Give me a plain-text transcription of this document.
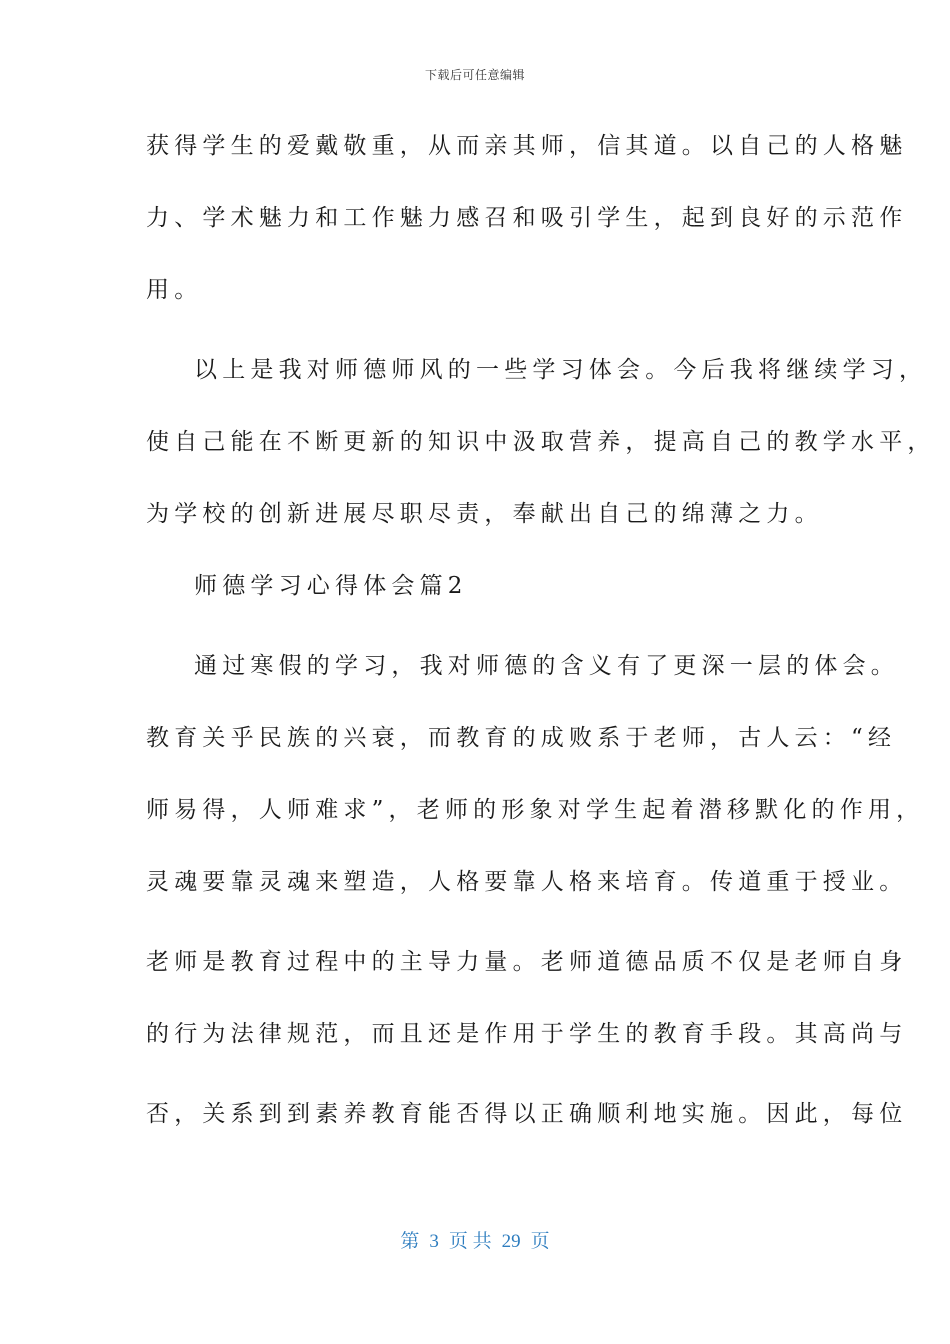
下载后可任意编辑
获得学生的爱戴敬重，从而亲其师，信其道。以自己的人格魅
力、学术魅力和工作魅力感召和吸引学生，起到良好的示范作
用。
以上是我对师德师风的一些学习体会。今后我将继续学习，
使自己能在不断更新的知识中汲取营养，提高自己的教学水平，
为学校的创新进展尽职尽责，奉献出自己的绵薄之力。
师德学习心得体会篇2
通过寒假的学习，我对师德的含义有了更深一层的体会。
教育关乎民族的兴衰，而教育的成败系于老师，古人云：“经
师易得，人师难求”，老师的形象对学生起着潜移默化的作用，
灵魂要靠灵魂来塑造，人格要靠人格来培育。传道重于授业。
老师是教育过程中的主导力量。老师道德品质不仅是老师自身
的行为法律规范，而且还是作用于学生的教育手段。其高尚与
否，关系到到素养教育能否得以正确顺利地实施。因此，每位
第 3 页 共 29 页
